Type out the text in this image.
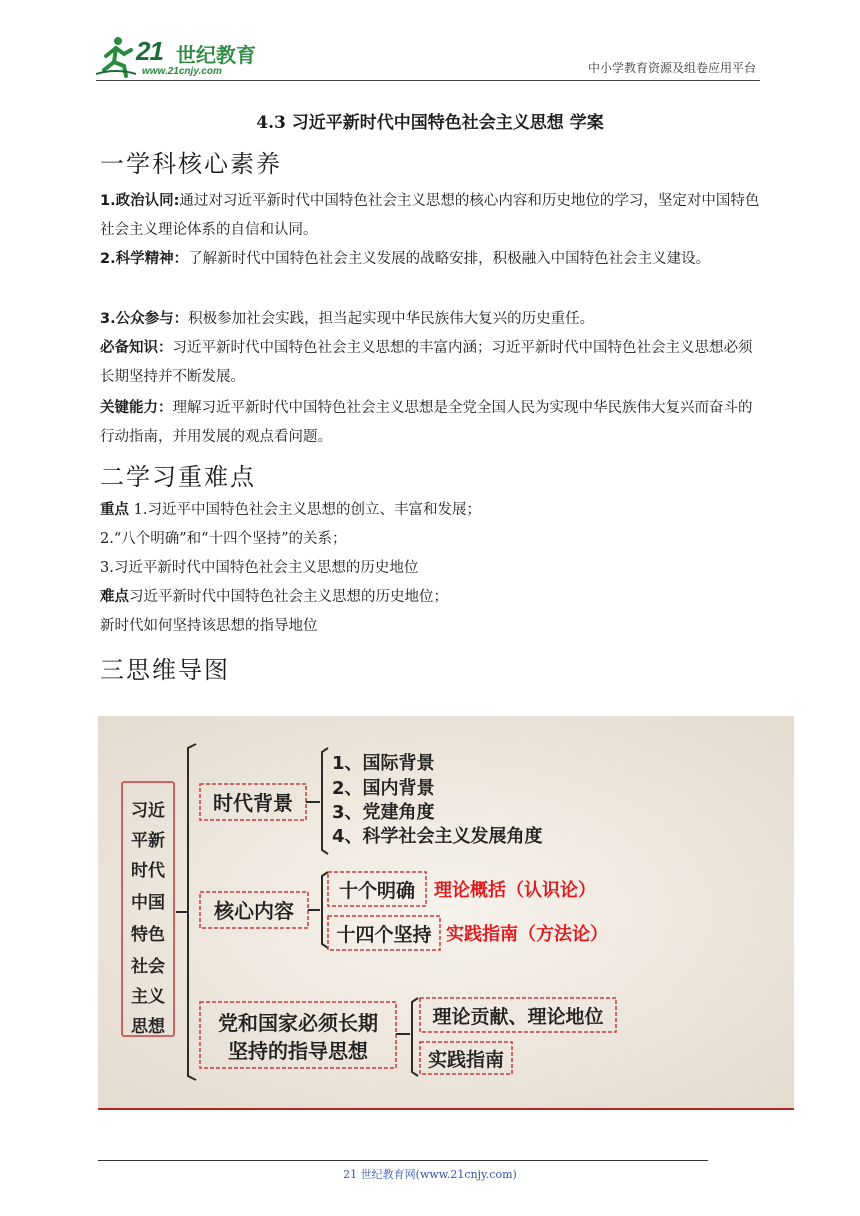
21 世纪教育
www.21cnjy.com	中小学教育资源及组卷应用平台
4.3 习近平新时代中国特色社会主义思想 学案
一学科核心素养
1.政治认同:通过对习近平新时代中国特色社会主义思想的核心内容和历史地位的学习，坚定对中国特色社会主义理论体系的自信和认同。
2.科学精神：了解新时代中国特色社会主义发展的战略安排，积极融入中国特色社会主义建设。
3.公众参与：积极参加社会实践，担当起实现中华民族伟大复兴的历史重任。
必备知识：习近平新时代中国特色社会主义思想的丰富内涵；习近平新时代中国特色社会主义思想必须长期坚持并不断发展。
关键能力：理解习近平新时代中国特色社会主义思想是全党全国人民为实现中华民族伟大复兴而奋斗的行动指南，并用发展的观点看问题。
二学习重难点
重点 1.习近平中国特色社会主义思想的创立、丰富和发展；
2.“八个明确”和“十四个坚持”的关系；
3.习近平新时代中国特色社会主义思想的历史地位
难点习近平新时代中国特色社会主义思想的历史地位；
新时代如何坚持该思想的指导地位
三思维导图
习近
平新
时代
中国
特色
社会
主义
思想
时代背景
1、国际背景
2、国内背景
3、党建角度
4、科学社会主义发展角度
核心内容
十个明确 理论概括（认识论）
十四个坚持 实践指南（方法论）
党和国家必须长期
坚持的指导思想
理论贡献、理论地位
实践指南
21 世纪教育网(www.21cnjy.com)
